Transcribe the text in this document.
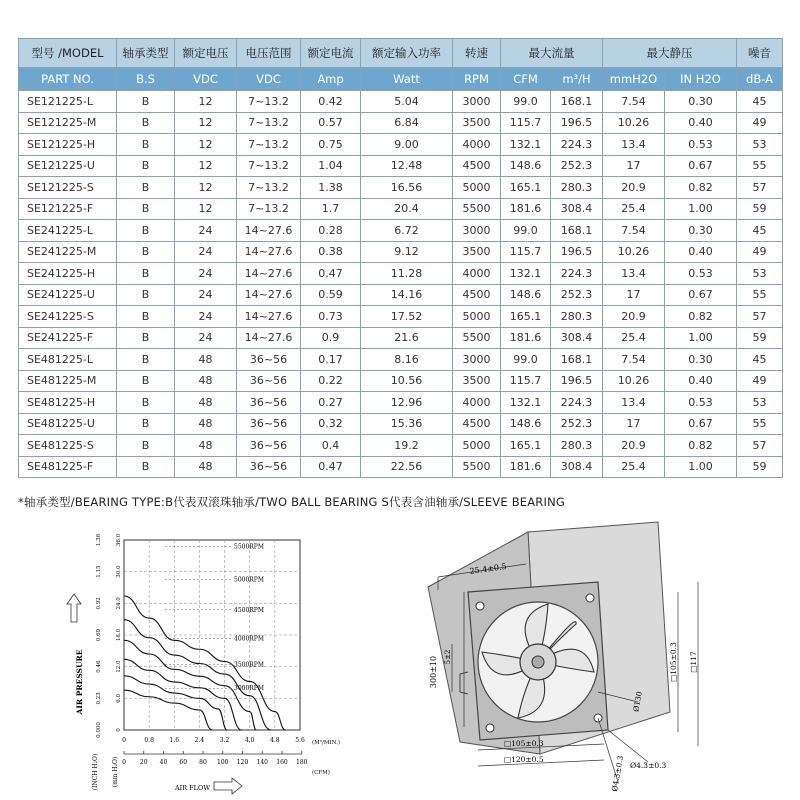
型号 /MODEL	轴承类型	额定电压	电压范围	额定电流	额定输入功率	转速	最大流量		最大静压		噪音
PART NO.	B.S	VDC	VDC	Amp	Watt	RPM	CFM	m³/H	mmH2O	IN H2O	dB-A
SE121225-L	B	12	7~13.2	0.42	5.04	3000	99.0	168.1	7.54	0.30	45
SE121225-M	B	12	7~13.2	0.57	6.84	3500	115.7	196.5	10.26	0.40	49
SE121225-H	B	12	7~13.2	0.75	9.00	4000	132.1	224.3	13.4	0.53	53
SE121225-U	B	12	7~13.2	1.04	12.48	4500	148.6	252.3	17	0.67	55
SE121225-S	B	12	7~13.2	1.38	16.56	5000	165.1	280.3	20.9	0.82	57
SE121225-F	B	12	7~13.2	1.7	20.4	5500	181.6	308.4	25.4	1.00	59
SE241225-L	B	24	14~27.6	0.28	6.72	3000	99.0	168.1	7.54	0.30	45
SE241225-M	B	24	14~27.6	0.38	9.12	3500	115.7	196.5	10.26	0.40	49
SE241225-H	B	24	14~27.6	0.47	11.28	4000	132.1	224.3	13.4	0.53	53
SE241225-U	B	24	14~27.6	0.59	14.16	4500	148.6	252.3	17	0.67	55
SE241225-S	B	24	14~27.6	0.73	17.52	5000	165.1	280.3	20.9	0.82	57
SE241225-F	B	24	14~27.6	0.9	21.6	5500	181.6	308.4	25.4	1.00	59
SE481225-L	B	48	36~56	0.17	8.16	3000	99.0	168.1	7.54	0.30	45
SE481225-M	B	48	36~56	0.22	10.56	3500	115.7	196.5	10.26	0.40	49
SE481225-H	B	48	36~56	0.27	12.96	4000	132.1	224.3	13.4	0.53	53
SE481225-U	B	48	36~56	0.32	15.36	4500	148.6	252.3	17	0.67	55
SE481225-S	B	48	36~56	0.4	19.2	5000	165.1	280.3	20.9	0.82	57
SE481225-F	B	48	36~56	0.47	22.56	5500	181.6	308.4	25.4	1.00	59
*轴承类型/BEARING TYPE:B代表双滚珠轴承/TWO BALL BEARING S代表含油轴承/SLEEVE BEARING
0
0.000
6.0
0.23
12.0
0.46
18.0
0.69
24.0
0.92
30.0
1.15
36.0
1.38
0	0.8	1.6	2.4	3.2	4.0	4.8	5.6
0 20 40 60 80 100 120 140 160 180
5500RPM
5000RPM
4500RPM
4000RPM
3500RPM
3000RPM
AIR PRESSURE
(INCH H₂O) (mm H₂O)
(M³/MIN.)
(CFM)
AIR FLOW
25.4±0.5
300±10 5±2
□105±0.3
□120±0.5
□105±0.3 □117
Ø130
Ø4.3±0.3 Ø4.3±0.3
